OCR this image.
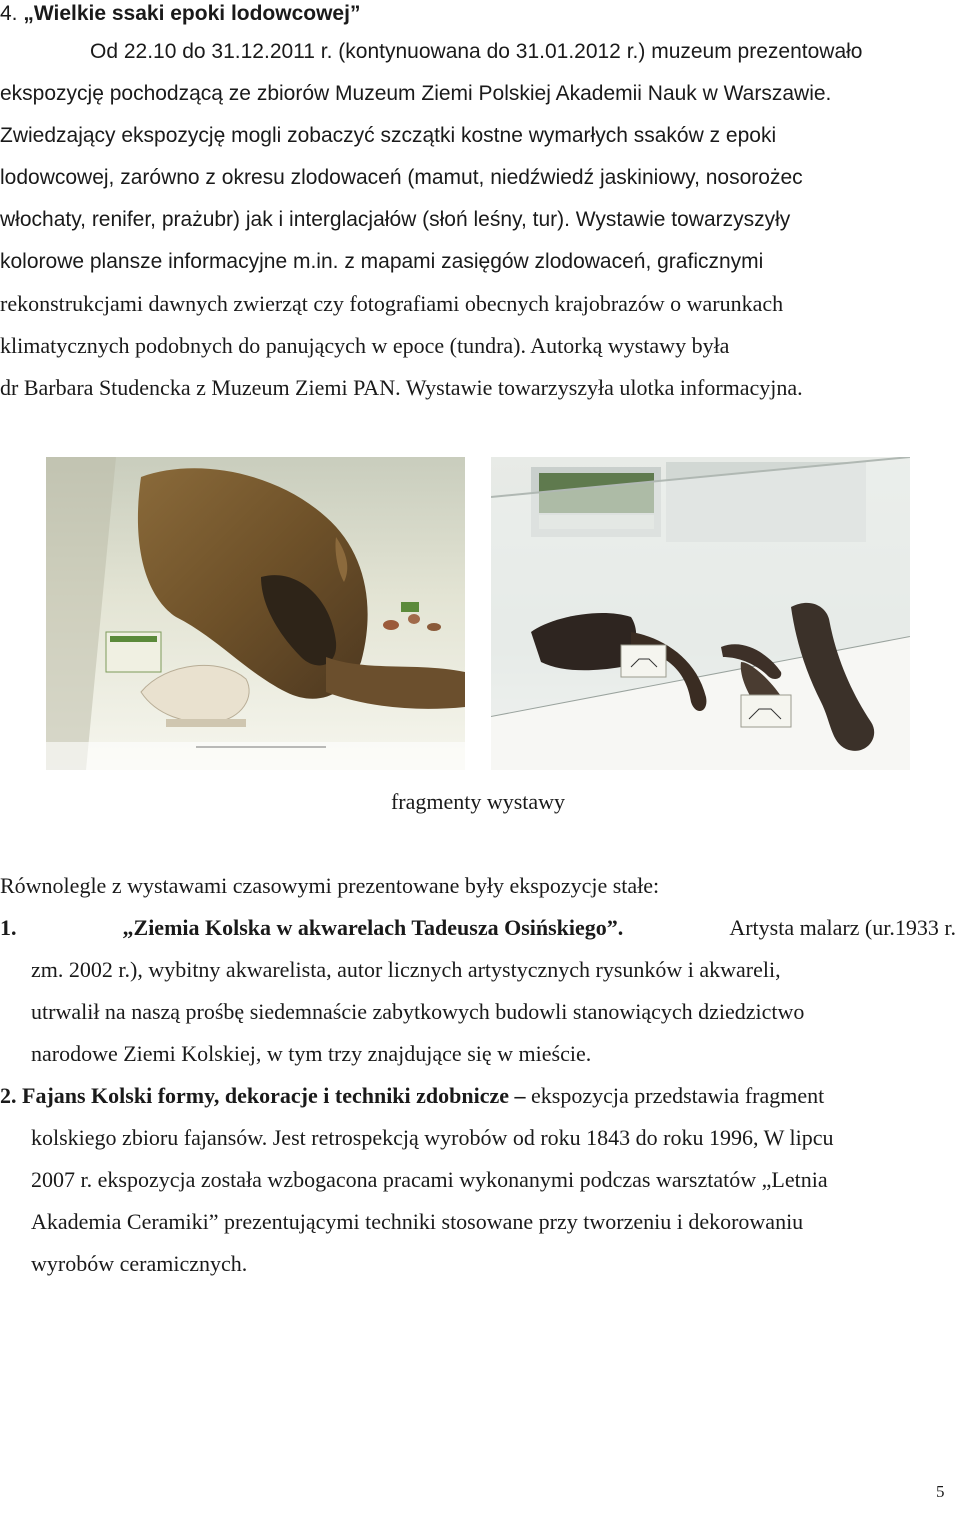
4. „Wielkie ssaki epoki lodowcowej”
Od 22.10 do 31.12.2011 r. (kontynuowana do 31.01.2012 r.) muzeum prezentowało
ekspozycję pochodzącą ze zbiorów Muzeum Ziemi Polskiej Akademii Nauk w Warszawie.
Zwiedzający ekspozycję mogli zobaczyć szczątki kostne wymarłych ssaków z epoki
lodowcowej, zarówno z okresu zlodowaceń (mamut, niedźwiedź jaskiniowy, nosorożec
włochaty, renifer, prażubr) jak i interglacjałów (słoń leśny, tur). Wystawie towarzyszyły
kolorowe plansze informacyjne m.in. z mapami zasięgów zlodowaceń, graficznymi
rekonstrukcjami dawnych zwierząt czy fotografiami obecnych krajobrazów o warunkach
klimatycznych podobnych do panujących w epoce (tundra). Autorką wystawy była
dr Barbara Studencka z Muzeum Ziemi PAN. Wystawie towarzyszyła ulotka informacyjna.
fragmenty wystawy
Równolegle z wystawami czasowymi prezentowane były ekspozycje stałe:
1.	„Ziemia Kolska w akwarelach Tadeusza Osińskiego”.	Artysta malarz (ur.1933 r.
zm. 2002 r.), wybitny akwarelista, autor licznych artystycznych rysunków i akwareli,
utrwalił na naszą prośbę siedemnaście zabytkowych budowli stanowiących dziedzictwo
narodowe Ziemi Kolskiej, w tym trzy znajdujące się w mieście.
2. Fajans Kolski formy, dekoracje i techniki zdobnicze – ekspozycja przedstawia fragment
kolskiego zbioru fajansów. Jest retrospekcją wyrobów od roku 1843 do roku 1996, W lipcu
2007 r. ekspozycja została wzbogacona pracami wykonanymi podczas warsztatów „Letnia
Akademia Ceramiki” prezentującymi techniki stosowane przy tworzeniu i dekorowaniu
wyrobów ceramicznych.
5
